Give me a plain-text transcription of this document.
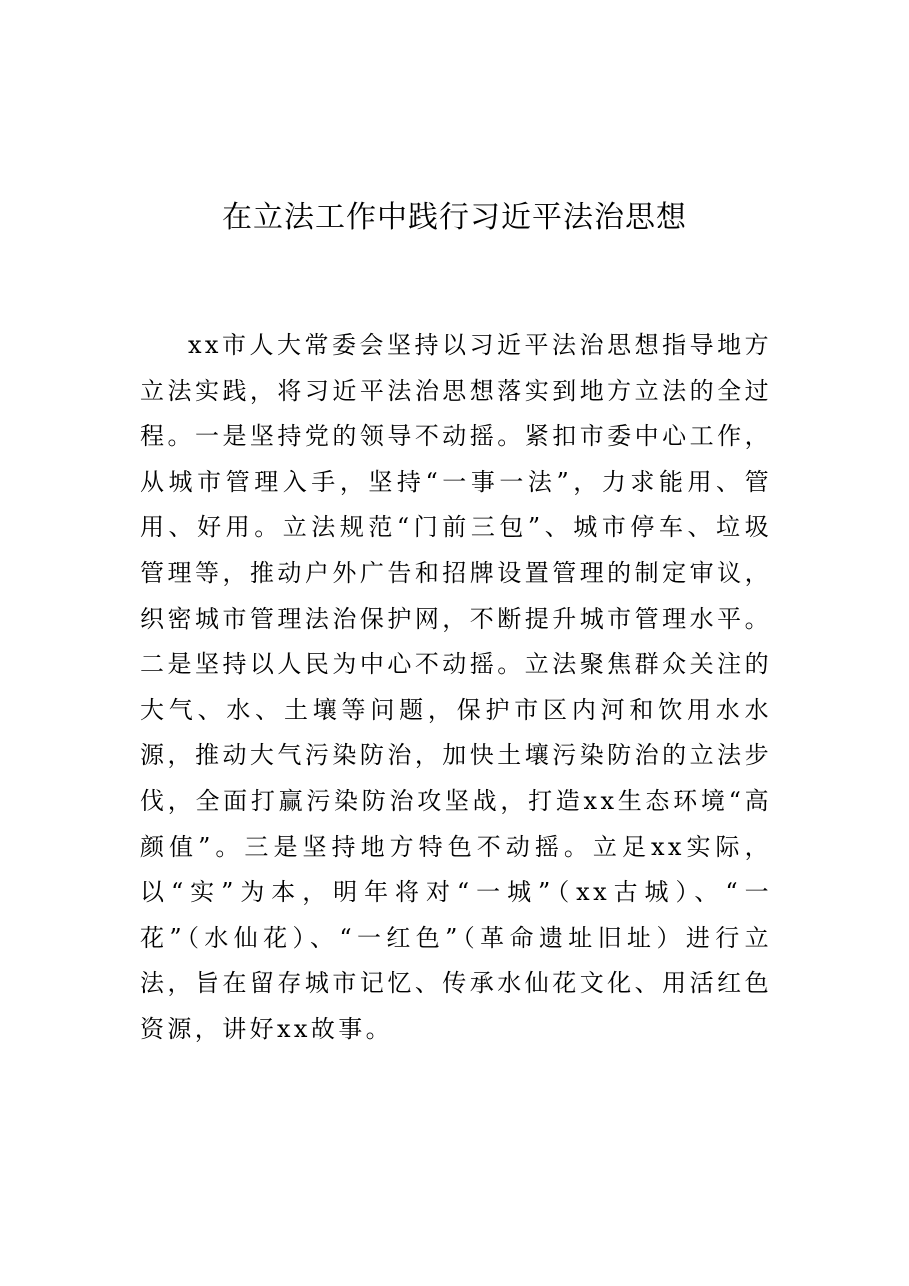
在立法工作中践行习近平法治思想

xx市人大常委会坚持以习近平法治思想指导地方立法实践，将习近平法治思想落实到地方立法的全过程。一是坚持党的领导不动摇。紧扣市委中心工作，从城市管理入手，坚持“一事一法”，力求能用、管用、好用。立法规范“门前三包”、城市停车、垃圾管理等，推动户外广告和招牌设置管理的制定审议，织密城市管理法治保护网，不断提升城市管理水平。二是坚持以人民为中心不动摇。立法聚焦群众关注的大气、水、土壤等问题，保护市区内河和饮用水水源，推动大气污染防治，加快土壤污染防治的立法步伐，全面打赢污染防治攻坚战，打造xx生态环境“高颜值”。三是坚持地方特色不动摇。立足xx实际，以“实”为本，明年将对“一城”（xx古城）、“一花”（水仙花）、“一红色”（革命遗址旧址）进行立法，旨在留存城市记忆、传承水仙花文化、用活红色资源，讲好xx故事。
